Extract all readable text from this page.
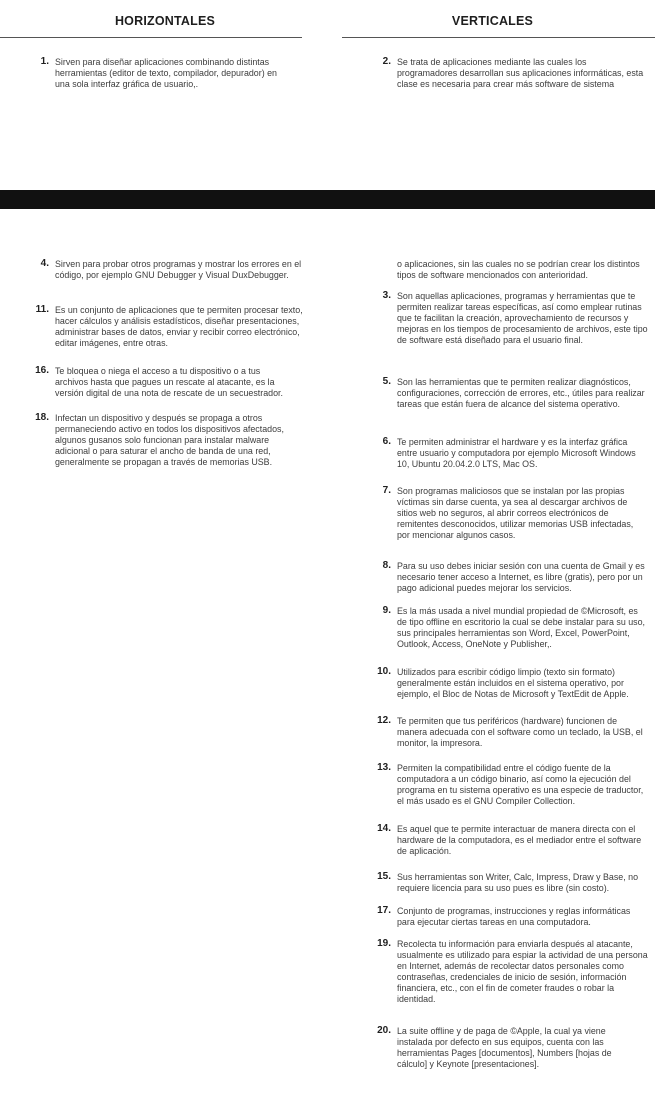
HORIZONTALES	VERTICALES
1. Sirven para diseñar aplicaciones combinando distintas herramientas (editor de texto, compilador, depurador) en una sola interfaz gráfica de usuario,.
2. Se trata de aplicaciones mediante las cuales los programadores desarrollan sus aplicaciones informáticas, esta clase es necesaria para crear más software de sistema
4. Sirven para probar otros programas y mostrar los errores en el código, por ejemplo GNU Debugger y Visual DuxDebugger.
11. Es un conjunto de aplicaciones que te permiten procesar texto, hacer cálculos y análisis estadísticos, diseñar presentaciones, administrar bases de datos, enviar y recibir correo electrónico, editar imágenes, entre otras.
16. Te bloquea o niega el acceso a tu dispositivo o a tus archivos hasta que pagues un rescate al atacante, es la versión digital de una nota de rescate de un secuestrador.
18. Infectan un dispositivo y después se propaga a otros permaneciendo activo en todos los dispositivos afectados, algunos gusanos solo funcionan para instalar malware adicional o para saturar el ancho de banda de una red, generalmente se propagan a través de memorias USB.
o aplicaciones, sin las cuales no se podrían crear los distintos tipos de software mencionados con anterioridad.
3. Son aquellas aplicaciones, programas y herramientas que te permiten realizar tareas específicas, así como emplear rutinas que te facilitan la creación, aprovechamiento de recursos y mejoras en los tiempos de procesamiento de archivos, este tipo de software está diseñado para el usuario final.
5. Son las herramientas que te permiten realizar diagnósticos, configuraciones, corrección de errores, etc., útiles para realizar tareas que están fuera de alcance del sistema operativo.
6. Te permiten administrar el hardware y es la interfaz gráfica entre usuario y computadora por ejemplo Microsoft Windows 10, Ubuntu 20.04.2.0 LTS, Mac OS.
7. Son programas maliciosos que se instalan por las propias víctimas sin darse cuenta, ya sea al descargar archivos de sitios web no seguros, al abrir correos electrónicos de remitentes desconocidos, utilizar memorias USB infectadas, por mencionar algunos casos.
8. Para su uso debes iniciar sesión con una cuenta de Gmail y es necesario tener acceso a Internet, es libre (gratis), pero por un pago adicional puedes mejorar los servicios.
9. Es la más usada a nivel mundial propiedad de ©Microsoft, es de tipo offline en escritorio la cual se debe instalar para su uso, sus principales herramientas son Word, Excel, PowerPoint, Outlook, Access, OneNote y Publisher,.
10. Utilizados para escribir código limpio (texto sin formato) generalmente están incluidos en el sistema operativo, por ejemplo, el Bloc de Notas de Microsoft y TextEdit de Apple.
12. Te permiten que tus periféricos (hardware) funcionen de manera adecuada con el software como un teclado, la USB, el monitor, la impresora.
13. Permiten la compatibilidad entre el código fuente de la computadora a un código binario, así como la ejecución del programa en tu sistema operativo es una especie de traductor, el más usado es el GNU Compiler Collection.
14. Es aquel que te permite interactuar de manera directa con el hardware de la computadora, es el mediador entre el software de aplicación.
15. Sus herramientas son Writer, Calc, Impress, Draw y Base, no requiere licencia para su uso pues es libre (sin costo).
17. Conjunto de programas, instrucciones y reglas informáticas para ejecutar ciertas tareas en una computadora.
19. Recolecta tu información para enviarla después al atacante, usualmente es utilizado para espiar la actividad de una persona en Internet, además de recolectar datos personales como contraseñas, credenciales de inicio de sesión, información financiera, etc., con el fin de cometer fraudes o robar la identidad.
20. La suite offline y de paga de ©Apple, la cual ya viene instalada por defecto en sus equipos, cuenta con las herramientas Pages [documentos], Numbers [hojas de cálculo] y Keynote [presentaciones].
